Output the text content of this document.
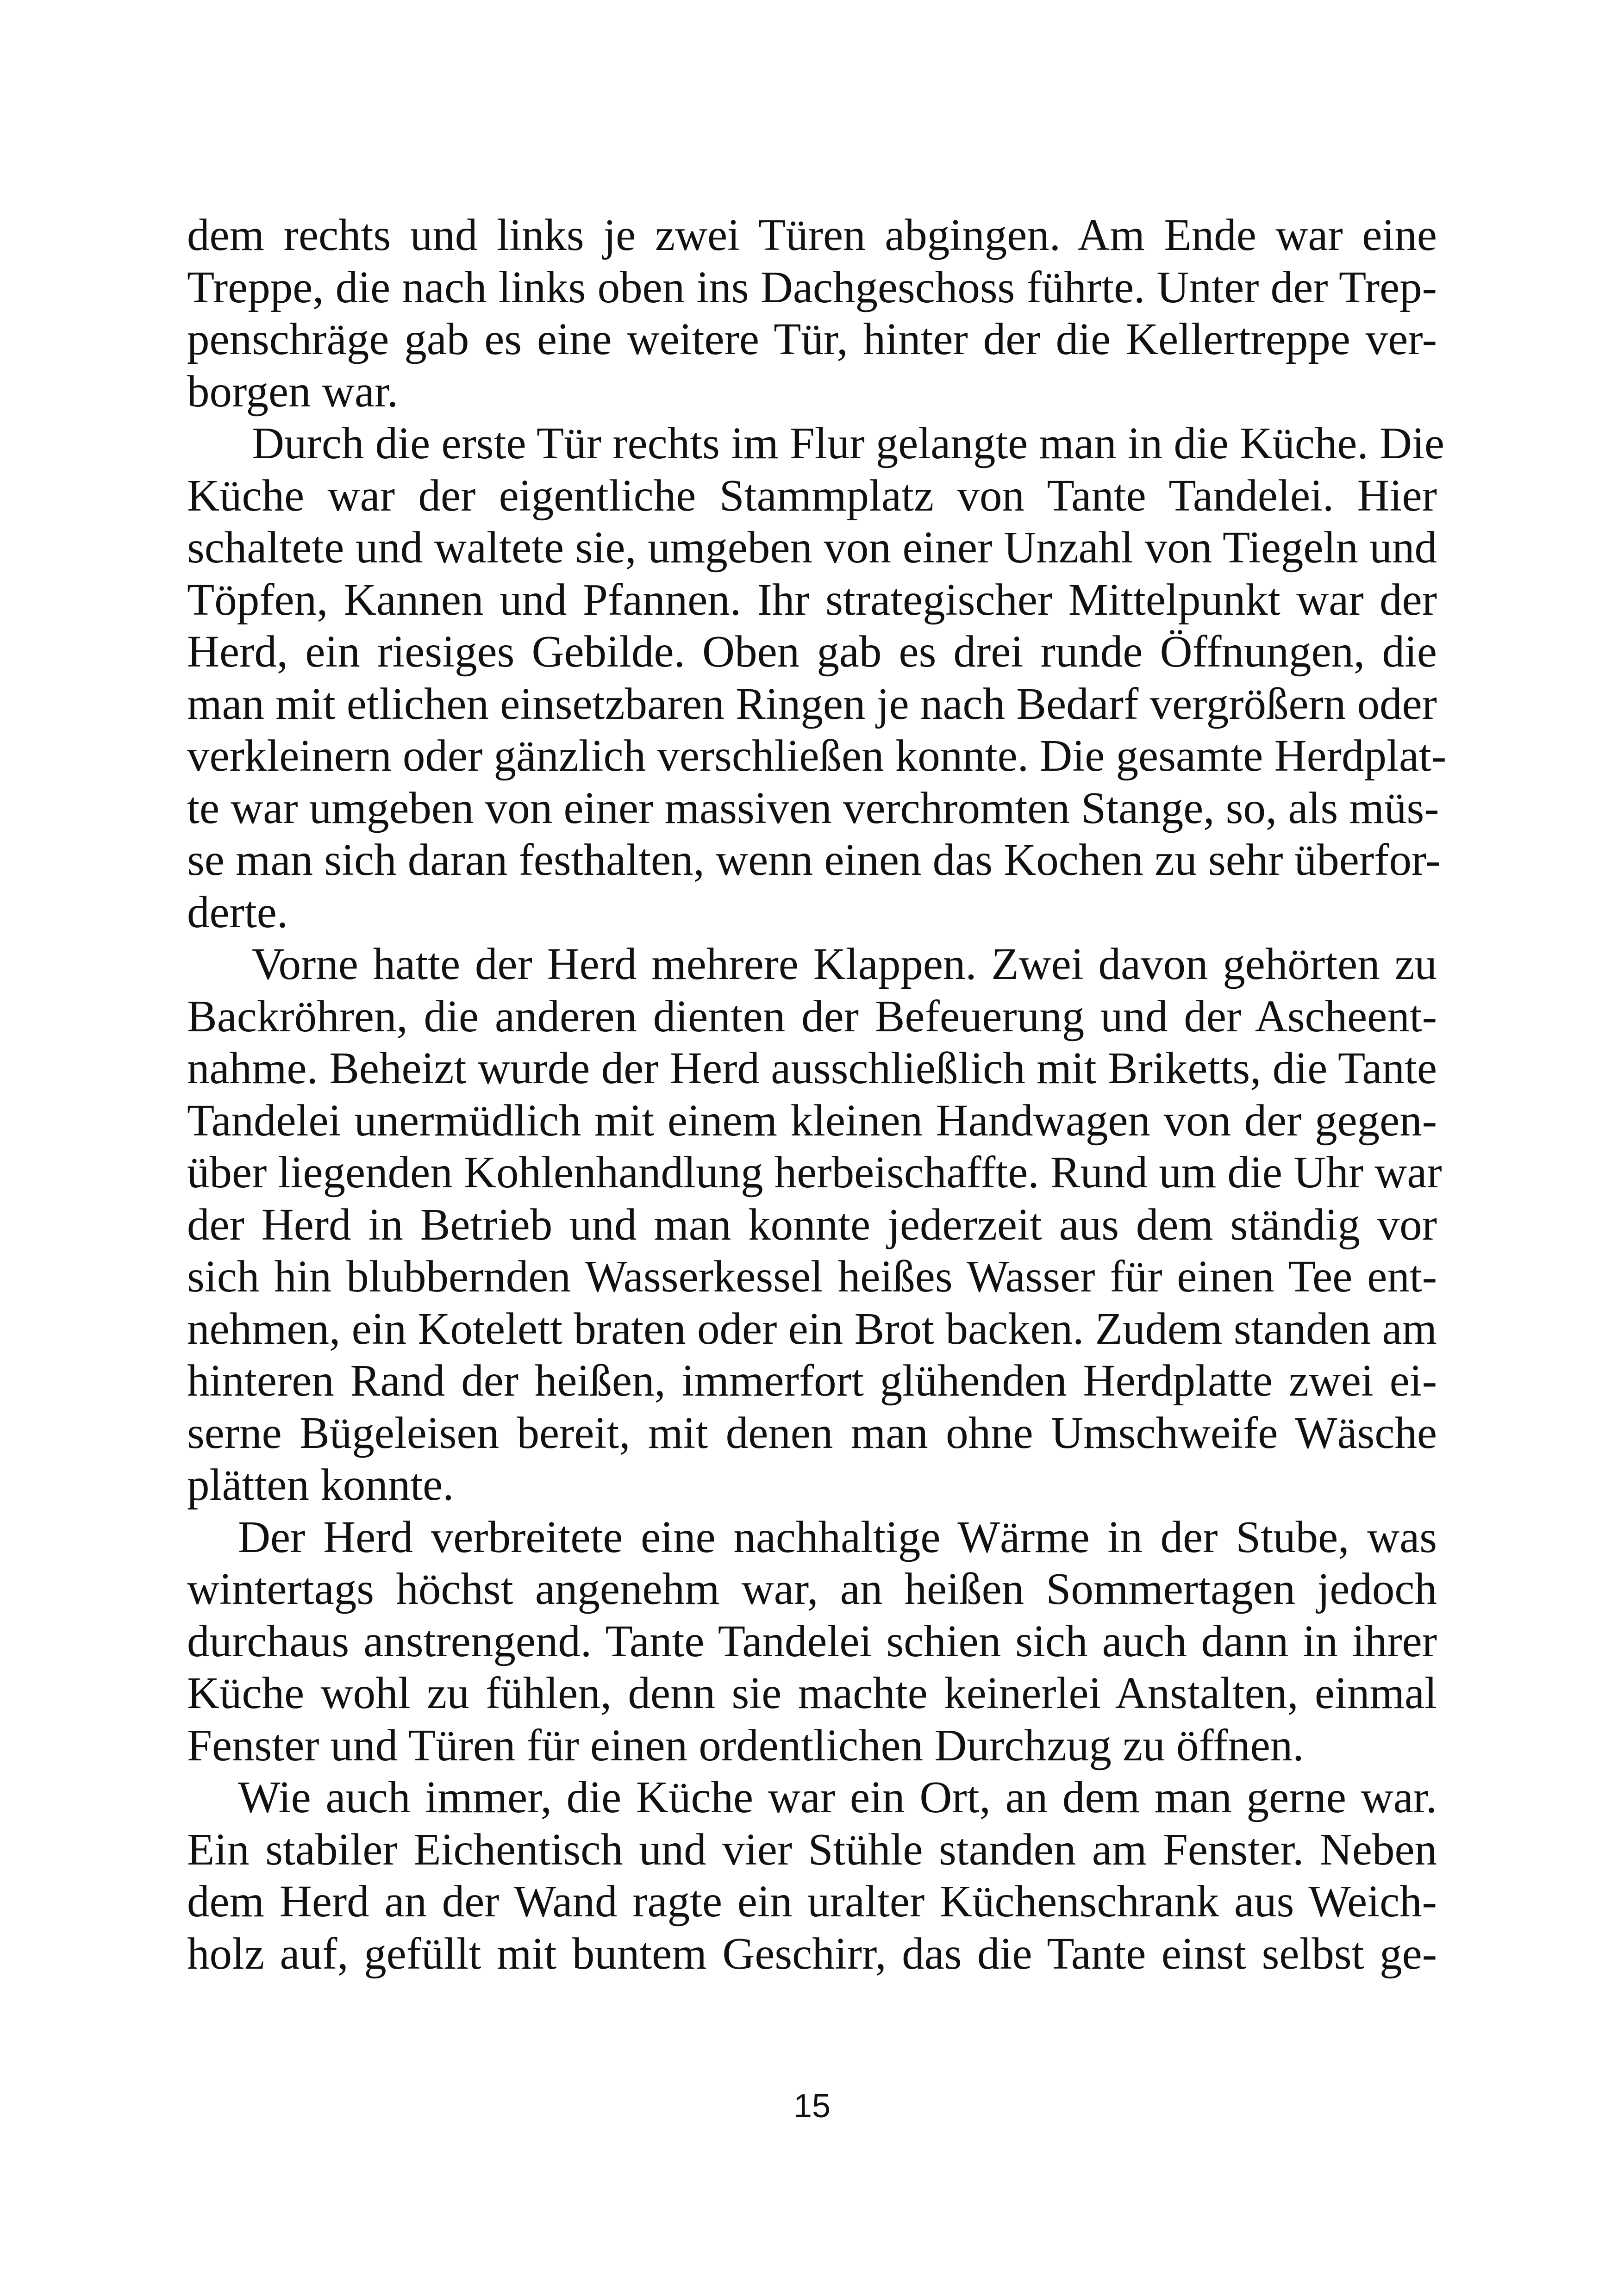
dem rechts und links je zwei Türen abgingen. Am Ende war eine
Treppe, die nach links oben ins Dachgeschoss führte. Unter der Trep-
penschräge gab es eine weitere Tür, hinter der die Kellertreppe ver-
borgen war.
Durch die erste Tür rechts im Flur gelangte man in die Küche. Die
Küche war der eigentliche Stammplatz von Tante Tandelei. Hier
schaltete und waltete sie, umgeben von einer Unzahl von Tiegeln und
Töpfen, Kannen und Pfannen. Ihr strategischer Mittelpunkt war der
Herd, ein riesiges Gebilde. Oben gab es drei runde Öffnungen, die
man mit etlichen einsetzbaren Ringen je nach Bedarf vergrößern oder
verkleinern oder gänzlich verschließen konnte. Die gesamte Herdplat-
te war umgeben von einer massiven verchromten Stange, so, als müs-
se man sich daran festhalten, wenn einen das Kochen zu sehr überfor-
derte.
Vorne hatte der Herd mehrere Klappen. Zwei davon gehörten zu
Backröhren, die anderen dienten der Befeuerung und der Ascheent-
nahme. Beheizt wurde der Herd ausschließlich mit Briketts, die Tante
Tandelei unermüdlich mit einem kleinen Handwagen von der gegen-
über liegenden Kohlenhandlung herbeischaffte. Rund um die Uhr war
der Herd in Betrieb und man konnte jederzeit aus dem ständig vor
sich hin blubbernden Wasserkessel heißes Wasser für einen Tee ent-
nehmen, ein Kotelett braten oder ein Brot backen. Zudem standen am
hinteren Rand der heißen, immerfort glühenden Herdplatte zwei ei-
serne Bügeleisen bereit, mit denen man ohne Umschweife Wäsche
plätten konnte.
Der Herd verbreitete eine nachhaltige Wärme in der Stube, was
wintertags höchst angenehm war, an heißen Sommertagen jedoch
durchaus anstrengend. Tante Tandelei schien sich auch dann in ihrer
Küche wohl zu fühlen, denn sie machte keinerlei Anstalten, einmal
Fenster und Türen für einen ordentlichen Durchzug zu öffnen.
Wie auch immer, die Küche war ein Ort, an dem man gerne war.
Ein stabiler Eichentisch und vier Stühle standen am Fenster. Neben
dem Herd an der Wand ragte ein uralter Küchenschrank aus Weich-
holz auf, gefüllt mit buntem Geschirr, das die Tante einst selbst ge-
15
